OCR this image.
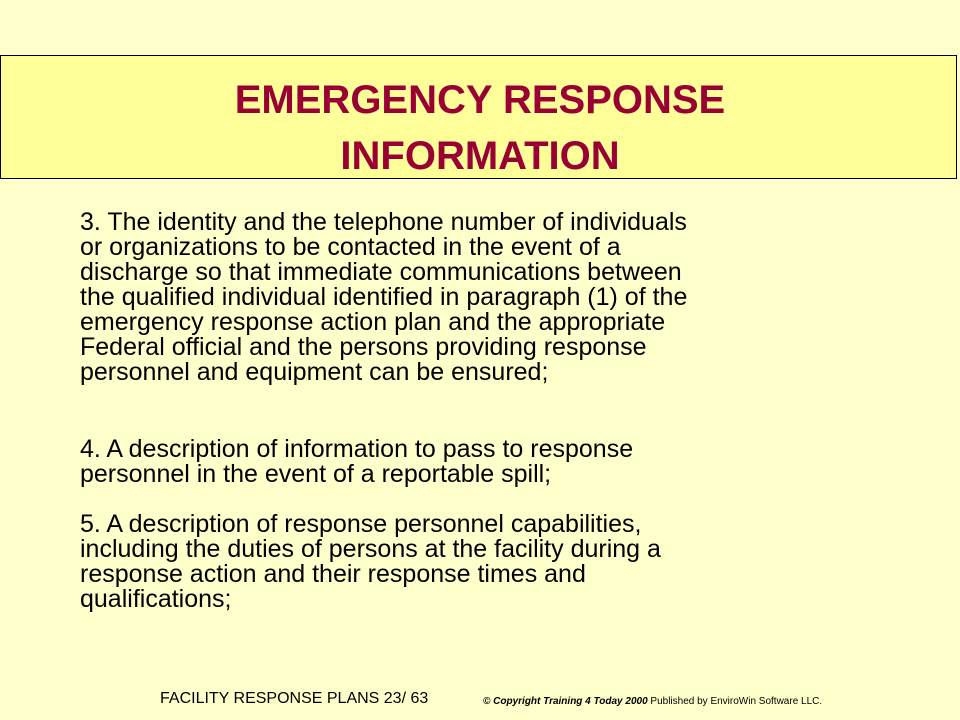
EMERGENCY RESPONSE
INFORMATION
3. The identity and the telephone number of individuals
or organizations to be contacted in the event of a
discharge so that immediate communications between
the qualified individual identified in paragraph (1) of the
emergency response action plan and the appropriate
Federal official and the persons providing response
personnel and equipment can be ensured;
4. A description of information to pass to response
personnel in the event of a reportable spill;
5. A description of response personnel capabilities,
including the duties of persons at the facility during a
response action and their response times and
qualifications;
FACILITY RESPONSE PLANS 23/ 63	© Copyright Training 4 Today 2000 Published by EnviroWin Software LLC.
